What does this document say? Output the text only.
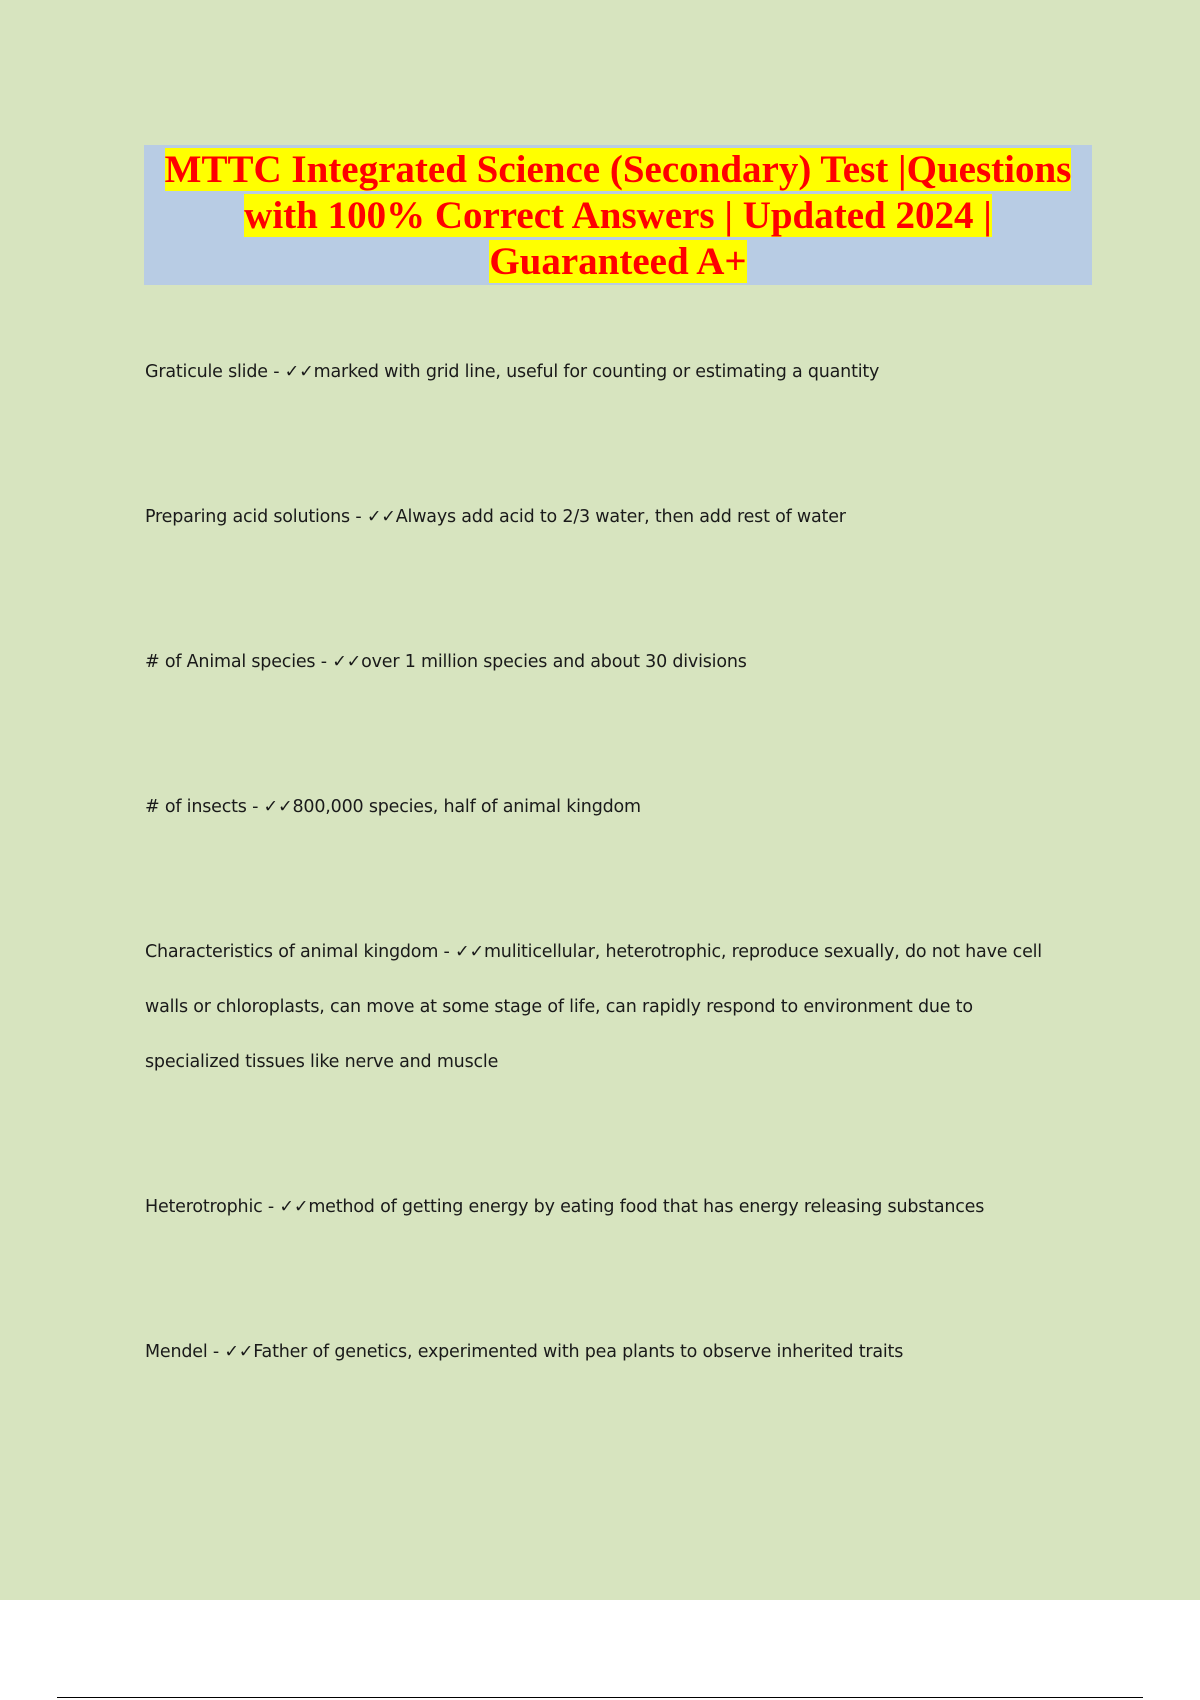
MTTC Integrated Science (Secondary) Test |Questions
with 100% Correct Answers | Updated 2024 |
Guaranteed A+
Graticule slide - ✓✓marked with grid line, useful for counting or estimating a quantity
Preparing acid solutions - ✓✓Always add acid to 2/3 water, then add rest of water
# of Animal species - ✓✓over 1 million species and about 30 divisions
# of insects - ✓✓800,000 species, half of animal kingdom
Characteristics of animal kingdom - ✓✓muliticellular, heterotrophic, reproduce sexually, do not have cell walls or chloroplasts, can move at some stage of life, can rapidly respond to environment due to specialized tissues like nerve and muscle
Heterotrophic - ✓✓method of getting energy by eating food that has energy releasing substances
Mendel - ✓✓Father of genetics, experimented with pea plants to observe inherited traits
